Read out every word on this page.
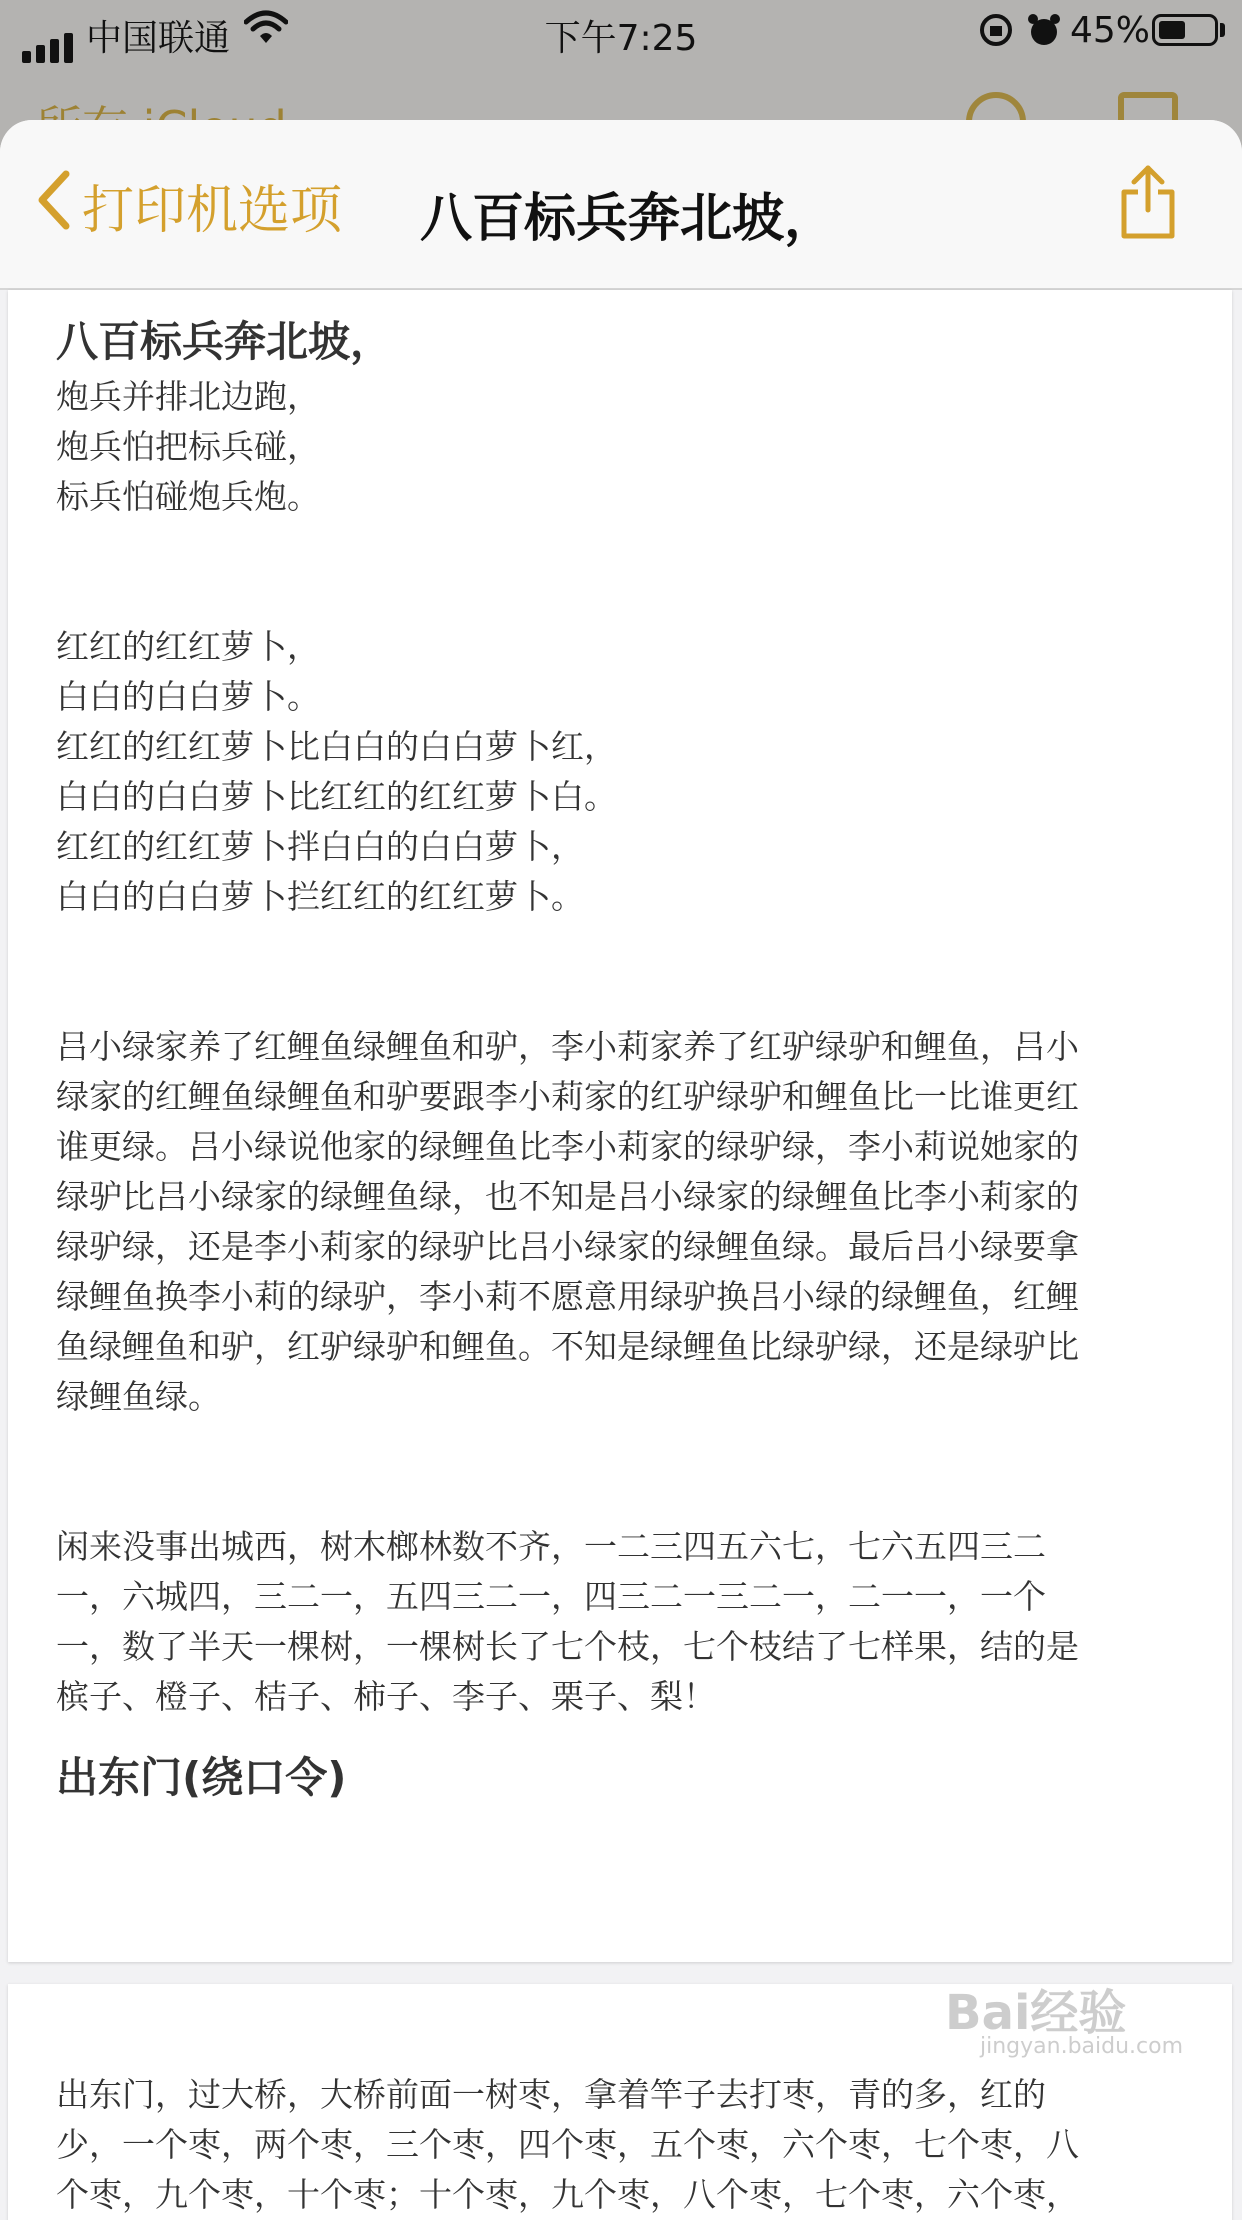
中国联通	下午7:25	45%
打印机选项 八百标兵奔北坡，
八百标兵奔北坡，
炮兵并排北边跑，
炮兵怕把标兵碰，
标兵怕碰炮兵炮。
红红的红红萝卜，
白白的白白萝卜。
红红的红红萝卜比白白的白白萝卜红，
白白的白白萝卜比红红的红红萝卜白。
红红的红红萝卜拌白白的白白萝卜，
白白的白白萝卜拦红红的红红萝卜。
吕小绿家养了红鲤鱼绿鲤鱼和驴，李小莉家养了红驴绿驴和鲤鱼，吕小
绿家的红鲤鱼绿鲤鱼和驴要跟李小莉家的红驴绿驴和鲤鱼比一比谁更红
谁更绿。吕小绿说他家的绿鲤鱼比李小莉家的绿驴绿，李小莉说她家的
绿驴比吕小绿家的绿鲤鱼绿，也不知是吕小绿家的绿鲤鱼比李小莉家的
绿驴绿，还是李小莉家的绿驴比吕小绿家的绿鲤鱼绿。最后吕小绿要拿
绿鲤鱼换李小莉的绿驴，李小莉不愿意用绿驴换吕小绿的绿鲤鱼，红鲤
鱼绿鲤鱼和驴，红驴绿驴和鲤鱼。不知是绿鲤鱼比绿驴绿，还是绿驴比
绿鲤鱼绿。
闲来没事出城西，树木榔林数不齐，一二三四五六七，七六五四三二
一，六城四，三二一，五四三二一，四三二一三二一，二一一，一个
一，数了半天一棵树，一棵树长了七个枝，七个枝结了七样果，结的是
槟子、橙子、桔子、柿子、李子、栗子、梨！
出东门(绕口令)
出东门，过大桥，大桥前面一树枣，拿着竿子去打枣，青的多，红的
少，一个枣，两个枣，三个枣，四个枣，五个枣，六个枣，七个枣，八
个枣，九个枣，十个枣；十个枣，九个枣，八个枣，七个枣，六个枣，
Bai经验
jingyan.baidu.com
